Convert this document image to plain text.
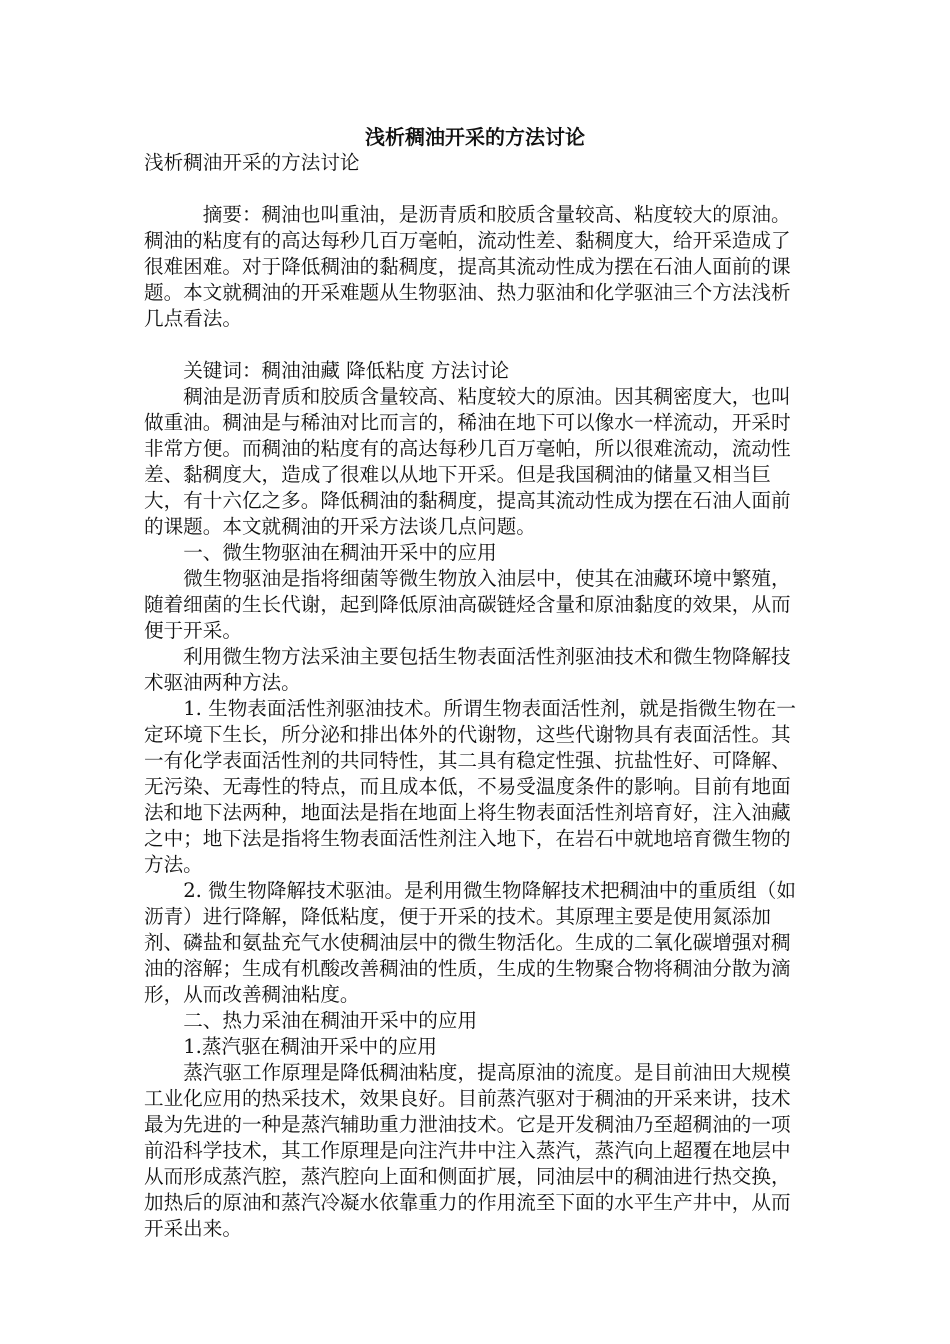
浅析稠油开采的方法讨论

浅析稠油开采的方法讨论

摘要：稠油也叫重油，是沥青质和胶质含量较高、粘度较大的原油。稠油的粘度有的高达每秒几百万毫帕，流动性差、黏稠度大，给开采造成了很难困难。对于降低稠油的黏稠度，提高其流动性成为摆在石油人面前的课题。本文就稠油的开采难题从生物驱油、热力驱油和化学驱油三个方法浅析几点看法。

关键词：稠油油藏 降低粘度 方法讨论

稠油是沥青质和胶质含量较高、粘度较大的原油。因其稠密度大，也叫做重油。稠油是与稀油对比而言的，稀油在地下可以像水一样流动，开采时非常方便。而稠油的粘度有的高达每秒几百万毫帕，所以很难流动，流动性差、黏稠度大，造成了很难以从地下开采。但是我国稠油的储量又相当巨大，有十六亿之多。降低稠油的黏稠度，提高其流动性成为摆在石油人面前的课题。本文就稠油的开采方法谈几点问题。

一、微生物驱油在稠油开采中的应用

微生物驱油是指将细菌等微生物放入油层中，使其在油藏环境中繁殖，随着细菌的生长代谢，起到降低原油高碳链烃含量和原油黏度的效果，从而便于开采。

利用微生物方法采油主要包括生物表面活性剂驱油技术和微生物降解技术驱油两种方法。

1. 生物表面活性剂驱油技术。所谓生物表面活性剂，就是指微生物在一定环境下生长，所分泌和排出体外的代谢物，这些代谢物具有表面活性。其一有化学表面活性剂的共同特性，其二具有稳定性强、抗盐性好、可降解、无污染、无毒性的特点，而且成本低，不易受温度条件的影响。目前有地面法和地下法两种，地面法是指在地面上将生物表面活性剂培育好，注入油藏之中；地下法是指将生物表面活性剂注入地下，在岩石中就地培育微生物的方法。

2. 微生物降解技术驱油。是利用微生物降解技术把稠油中的重质组（如沥青）进行降解，降低粘度，便于开采的技术。其原理主要是使用氮添加剂、磷盐和氨盐充气水使稠油层中的微生物活化。生成的二氧化碳增强对稠油的溶解；生成有机酸改善稠油的性质，生成的生物聚合物将稠油分散为滴形，从而改善稠油粘度。

二、热力采油在稠油开采中的应用

1.蒸汽驱在稠油开采中的应用

蒸汽驱工作原理是降低稠油粘度，提高原油的流度。是目前油田大规模工业化应用的热采技术，效果良好。目前蒸汽驱对于稠油的开采来讲，技术最为先进的一种是蒸汽辅助重力泄油技术。它是开发稠油乃至超稠油的一项前沿科学技术，其工作原理是向注汽井中注入蒸汽，蒸汽向上超覆在地层中从而形成蒸汽腔，蒸汽腔向上面和侧面扩展，同油层中的稠油进行热交换，加热后的原油和蒸汽冷凝水依靠重力的作用流至下面的水平生产井中，从而开采出来。
